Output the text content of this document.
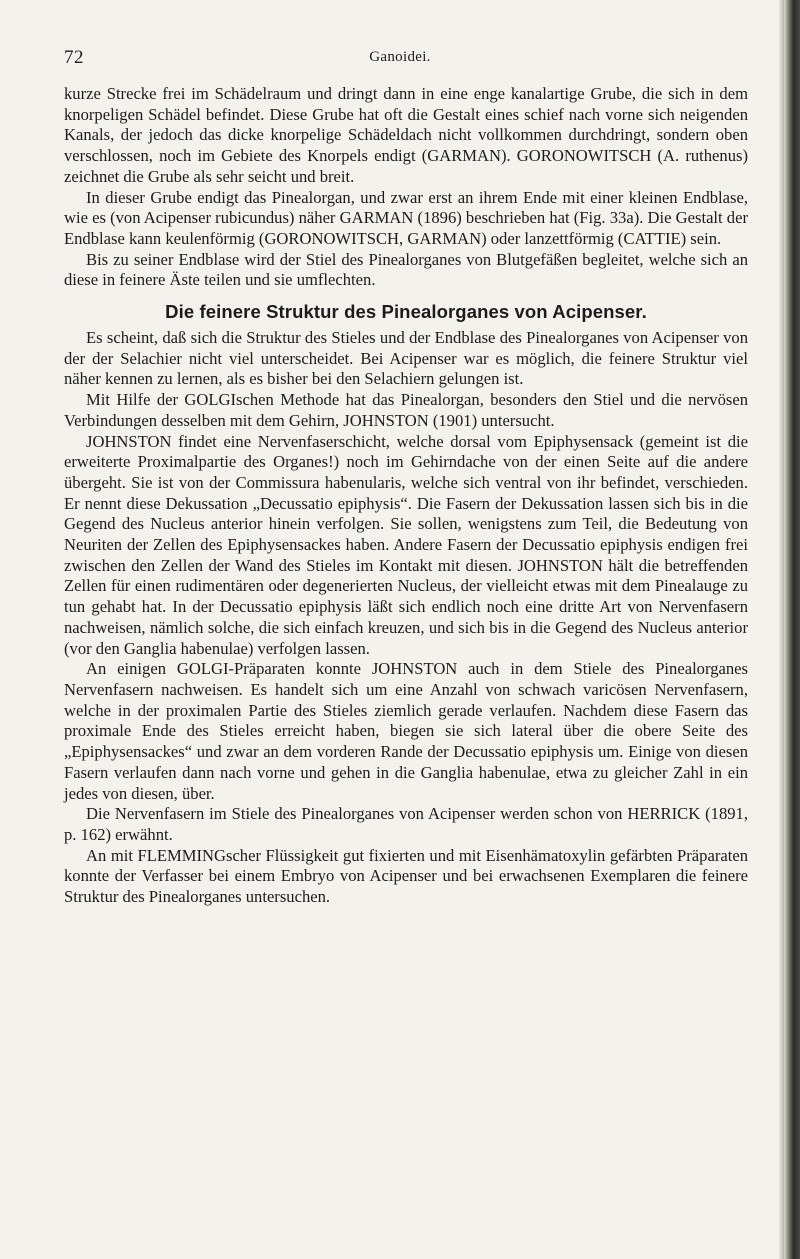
72	Ganoidei.

kurze Strecke frei im Schädelraum und dringt dann in eine enge kanalartige Grube, die sich in dem knorpeligen Schädel befindet. Diese Grube hat oft die Gestalt eines schief nach vorne sich neigenden Kanals, der jedoch das dicke knorpelige Schädeldach nicht vollkommen durchdringt, sondern oben verschlossen, noch im Gebiete des Knorpels endigt (GARMAN). GORONOWITSCH (A. ruthenus) zeichnet die Grube als sehr seicht und breit.

In dieser Grube endigt das Pinealorgan, und zwar erst an ihrem Ende mit einer kleinen Endblase, wie es (von Acipenser rubicundus) näher GARMAN (1896) beschrieben hat (Fig. 33a). Die Gestalt der Endblase kann keulenförmig (GORONOWITSCH, GARMAN) oder lanzettförmig (CATTIE) sein.

Bis zu seiner Endblase wird der Stiel des Pinealorganes von Blutgefäßen begleitet, welche sich an diese in feinere Äste teilen und sie umflechten.

Die feinere Struktur des Pinealorganes von Acipenser.

Es scheint, daß sich die Struktur des Stieles und der Endblase des Pinealorganes von Acipenser von der der Selachier nicht viel unterscheidet. Bei Acipenser war es möglich, die feinere Struktur viel näher kennen zu lernen, als es bisher bei den Selachiern gelungen ist.

Mit Hilfe der GOLGIschen Methode hat das Pinealorgan, besonders den Stiel und die nervösen Verbindungen desselben mit dem Gehirn, JOHNSTON (1901) untersucht.

JOHNSTON findet eine Nervenfaserschicht, welche dorsal vom Epiphysensack (gemeint ist die erweiterte Proximalpartie des Organes!) noch im Gehirndache von der einen Seite auf die andere übergeht. Sie ist von der Commissura habenularis, welche sich ventral von ihr befindet, verschieden. Er nennt diese Dekussation „Decussatio epiphysis“. Die Fasern der Dekussation lassen sich bis in die Gegend des Nucleus anterior hinein verfolgen. Sie sollen, wenigstens zum Teil, die Bedeutung von Neuriten der Zellen des Epiphysensackes haben. Andere Fasern der Decussatio epiphysis endigen frei zwischen den Zellen der Wand des Stieles im Kontakt mit diesen. JOHNSTON hält die betreffenden Zellen für einen rudimentären oder degenerierten Nucleus, der vielleicht etwas mit dem Pinealauge zu tun gehabt hat. In der Decussatio epiphysis läßt sich endlich noch eine dritte Art von Nervenfasern nachweisen, nämlich solche, die sich einfach kreuzen, und sich bis in die Gegend des Nucleus anterior (vor den Ganglia habenulae) verfolgen lassen.

An einigen GOLGI-Präparaten konnte JOHNSTON auch in dem Stiele des Pinealorganes Nervenfasern nachweisen. Es handelt sich um eine Anzahl von schwach varicösen Nervenfasern, welche in der proximalen Partie des Stieles ziemlich gerade verlaufen. Nachdem diese Fasern das proximale Ende des Stieles erreicht haben, biegen sie sich lateral über die obere Seite des „Epiphysensackes“ und zwar an dem vorderen Rande der Decussatio epiphysis um. Einige von diesen Fasern verlaufen dann nach vorne und gehen in die Ganglia habenulae, etwa zu gleicher Zahl in ein jedes von diesen, über.

Die Nervenfasern im Stiele des Pinealorganes von Acipenser werden schon von HERRICK (1891, p. 162) erwähnt.

An mit FLEMMINGscher Flüssigkeit gut fixierten und mit Eisenhämatoxylin gefärbten Präparaten konnte der Verfasser bei einem Embryo von Acipenser und bei erwachsenen Exemplaren die feinere Struktur des Pinealorganes untersuchen.
